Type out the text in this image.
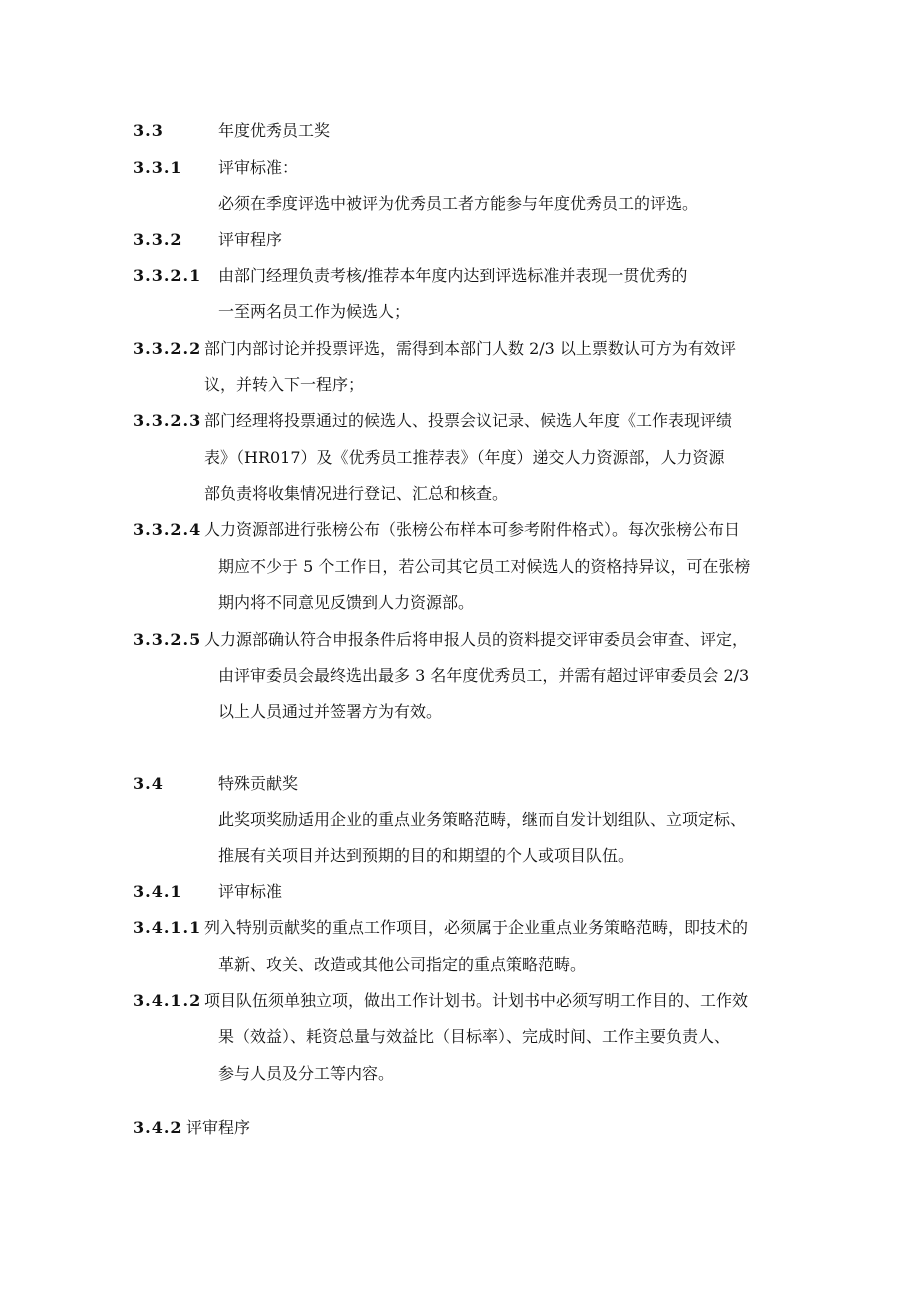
3.3	年度优秀员工奖
3.3.1 评审标准：
必须在季度评选中被评为优秀员工者方能参与年度优秀员工的评选。
3.3.2 评审程序
3.3.2.1 由部门经理负责考核/推荐本年度内达到评选标准并表现一贯优秀的
一至两名员工作为候选人；
3.3.2.2 部门内部讨论并投票评选，需得到本部门人数 2/3 以上票数认可方为有效评
议，并转入下一程序；
3.3.2.3 部门经理将投票通过的候选人、投票会议记录、候选人年度《工作表现评绩
表》（HR017）及《优秀员工推荐表》（年度）递交人力资源部，人力资源
部负责将收集情况进行登记、汇总和核查。
3.3.2.4 人力资源部进行张榜公布（张榜公布样本可参考附件格式）。每次张榜公布日
期应不少于 5 个工作日，若公司其它员工对候选人的资格持异议，可在张榜
期内将不同意见反馈到人力资源部。
3.3.2.5 人力源部确认符合申报条件后将申报人员的资料提交评审委员会审查、评定，
由评审委员会最终选出最多 3 名年度优秀员工，并需有超过评审委员会 2/3
以上人员通过并签署方为有效。
3.4	特殊贡献奖
此奖项奖励适用企业的重点业务策略范畴，继而自发计划组队、立项定标、
推展有关项目并达到预期的目的和期望的个人或项目队伍。
3.4.1 评审标准
3.4.1.1 列入特别贡献奖的重点工作项目，必须属于企业重点业务策略范畴，即技术的
革新、攻关、改造或其他公司指定的重点策略范畴。
3.4.1.2 项目队伍须单独立项，做出工作计划书。计划书中必须写明工作目的、工作效
果（效益）、耗资总量与效益比（目标率）、完成时间、工作主要负责人、
参与人员及分工等内容。
3.4.2 评审程序
